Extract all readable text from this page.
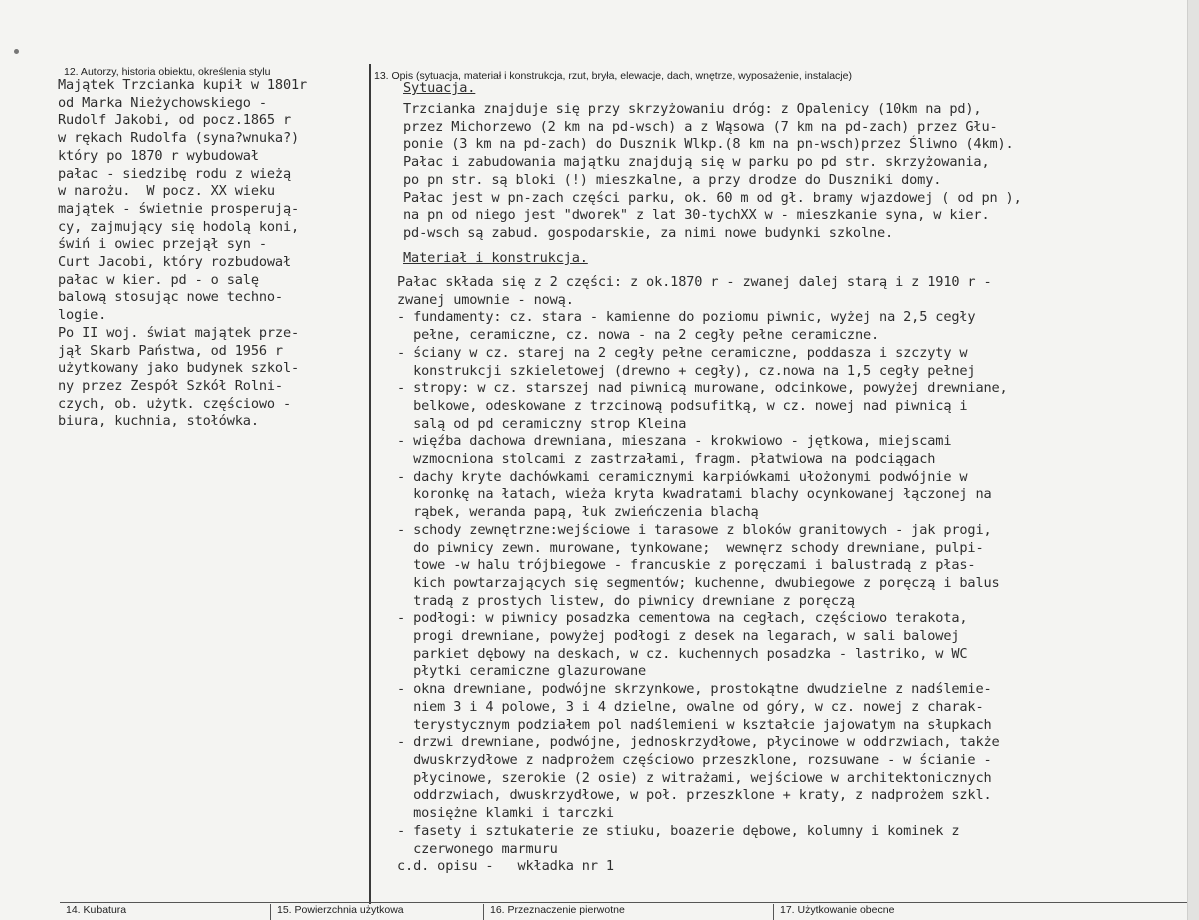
12. Autorzy, historia obiektu, określenia stylu	13. Opis (sytuacja, materiał i konstrukcja, rzut, bryła, elewacje, dach, wnętrze, wyposażenie, instalacje)
Majątek Trzcianka kupił w 1801r
od Marka Nieżychowskiego -
Rudolf Jakobi, od pocz.1865 r
w rękach Rudolfa (syna?wnuka?)
który po 1870 r wybudował
pałac - siedzibę rodu z wieżą
w narożu.  W pocz. XX wieku
majątek - świetnie prosperują-
cy, zajmujący się hodolą koni,
świń i owiec przejął syn -
Curt Jacobi, który rozbudował
pałac w kier. pd - o salę
balową stosując nowe techno-
logie.
Po II woj. świat majątek prze-
jął Skarb Państwa, od 1956 r
użytkowany jako budynek szkol-
ny przez Zespół Szkół Rolni-
czych, ob. użytk. częściowo -
biura, kuchnia, stołówka.
Sytuacja.
Trzcianka znajduje się przy skrzyżowaniu dróg: z Opalenicy (10km na pd),
przez Michorzewo (2 km na pd-wsch) a z Wąsowa (7 km na pd-zach) przez Głu-
ponie (3 km na pd-zach) do Dusznik Wlkp.(8 km na pn-wsch)przez Śliwno (4km).
Pałac i zabudowania majątku znajdują się w parku po pd str. skrzyżowania,
po pn str. są bloki (!) mieszkalne, a przy drodze do Duszniki domy.
Pałac jest w pn-zach części parku, ok. 60 m od gł. bramy wjazdowej ( od pn ),
na pn od niego jest "dworek" z lat 30-tychXX w - mieszkanie syna, w kier.
pd-wsch są zabud. gospodarskie, za nimi nowe budynki szkolne.
Materiał i konstrukcja.
Pałac składa się z 2 części: z ok.1870 r - zwanej dalej starą i z 1910 r -
zwanej umownie - nową.
- fundamenty: cz. stara - kamienne do poziomu piwnic, wyżej na 2,5 cegły
pełne, ceramiczne, cz. nowa - na 2 cegły pełne ceramiczne.
- ściany w cz. starej na 2 cegły pełne ceramiczne, poddasza i szczyty w
konstrukcji szkieletowej (drewno + cegły), cz.nowa na 1,5 cegły pełnej
- stropy: w cz. starszej nad piwnicą murowane, odcinkowe, powyżej drewniane,
belkowe, odeskowane z trzcinową podsufitką, w cz. nowej nad piwnicą i
salą od pd ceramiczny strop Kleina
- więźba dachowa drewniana, mieszana - krokwiowo - jętkowa, miejscami
wzmocniona stolcami z zastrzałami, fragm. płatwiowa na podciągach
- dachy kryte dachówkami ceramicznymi karpiówkami ułożonymi podwójnie w
koronkę na łatach, wieża kryta kwadratami blachy ocynkowanej łączonej na
rąbek, weranda papą, łuk zwieńczenia blachą
- schody zewnętrzne:wejściowe i tarasowe z bloków granitowych - jak progi,
do piwnicy zewn. murowane, tynkowane;  wewnęrz schody drewniane, pulpi-
towe -w halu trójbiegowe - francuskie z poręczami i balustradą z płas-
kich powtarzających się segmentów; kuchenne, dwubiegowe z poręczą i balus
tradą z prostych listew, do piwnicy drewniane z poręczą
- podłogi: w piwnicy posadzka cementowa na cegłach, częściowo terakota,
progi drewniane, powyżej podłogi z desek na legarach, w sali balowej
parkiet dębowy na deskach, w cz. kuchennych posadzka - lastriko, w WC
płytki ceramiczne glazurowane
- okna drewniane, podwójne skrzynkowe, prostokątne dwudzielne z nadślemie-
niem 3 i 4 polowe, 3 i 4 dzielne, owalne od góry, w cz. nowej z charak-
terystycznym podziałem pol nadślemieni w kształcie jajowatym na słupkach
- drzwi drewniane, podwójne, jednoskrzydłowe, płycinowe w oddrzwiach, także
dwuskrzydłowe z nadprożem częściowo przeszklone, rozsuwane - w ścianie -
płycinowe, szerokie (2 osie) z witrażami, wejściowe w architektonicznych
oddrzwiach, dwuskrzydłowe, w poł. przeszklone + kraty, z nadprożem szkl.
mosiężne klamki i tarczki
- fasety i sztukaterie ze stiuku, boazerie dębowe, kolumny i kominek z
czerwonego marmuru
c.d. opisu -   wkładka nr 1
14. Kubatura	15. Powierzchnia użytkowa	16. Przeznaczenie pierwotne	17. Użytkowanie obecne
